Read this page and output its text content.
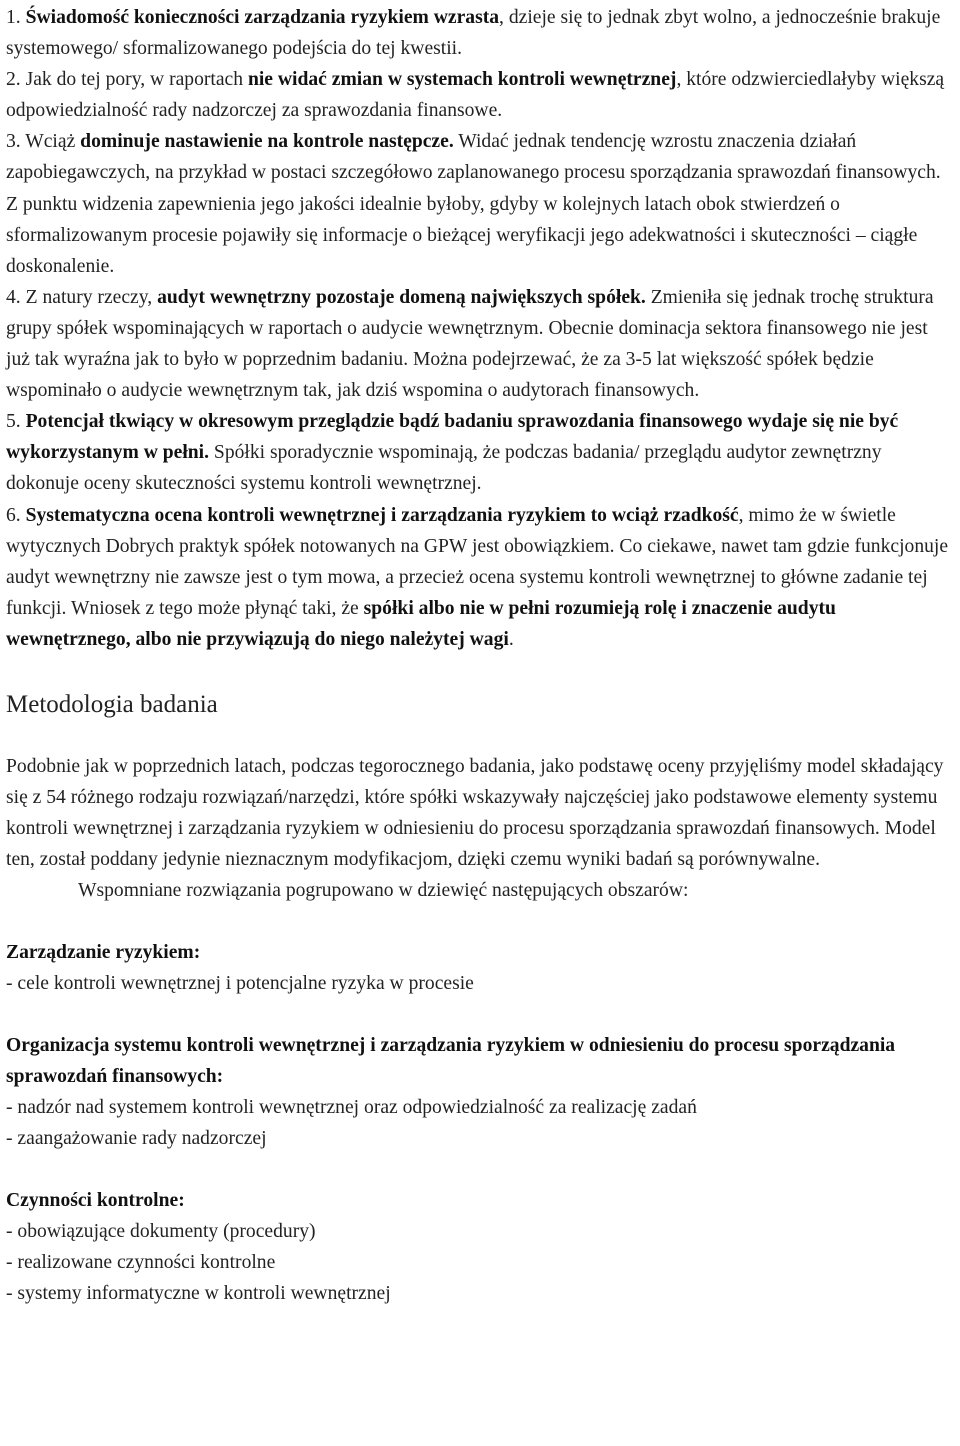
1. Świadomość konieczności zarządzania ryzykiem wzrasta, dzieje się to jednak zbyt wolno, a jednocześnie brakuje systemowego/ sformalizowanego podejścia do tej kwestii.

2. Jak do tej pory, w raportach nie widać zmian w systemach kontroli wewnętrznej, które odzwierciedlałyby większą odpowiedzialność rady nadzorczej za sprawozdania finansowe.

3. Wciąż dominuje nastawienie na kontrole następcze. Widać jednak tendencję wzrostu znaczenia działań zapobiegawczych, na przykład w postaci szczegółowo zaplanowanego procesu sporządzania sprawozdań finansowych. Z punktu widzenia zapewnienia jego jakości idealnie byłoby, gdyby w kolejnych latach obok stwierdzeń o sformalizowanym procesie pojawiły się informacje o bieżącej weryfikacji jego adekwatności i skuteczności – ciągłe doskonalenie.

4. Z natury rzeczy, audyt wewnętrzny pozostaje domeną największych spółek. Zmieniła się jednak trochę struktura grupy spółek wspominających w raportach o audycie wewnętrznym. Obecnie dominacja sektora finansowego nie jest już tak wyraźna jak to było w poprzednim badaniu. Można podejrzewać, że za 3-5 lat większość spółek będzie wspominało o audycie wewnętrznym tak, jak dziś wspomina o audytorach finansowych.

5. Potencjał tkwiący w okresowym przeglądzie bądź badaniu sprawozdania finansowego wydaje się nie być wykorzystanym w pełni. Spółki sporadycznie wspominają, że podczas badania/ przeglądu audytor zewnętrzny dokonuje oceny skuteczności systemu kontroli wewnętrznej.

6. Systematyczna ocena kontroli wewnętrznej i zarządzania ryzykiem to wciąż rzadkość, mimo że w świetle wytycznych Dobrych praktyk spółek notowanych na GPW jest obowiązkiem. Co ciekawe, nawet tam gdzie funkcjonuje audyt wewnętrzny nie zawsze jest o tym mowa, a przecież ocena systemu kontroli wewnętrznej to główne zadanie tej funkcji. Wniosek z tego może płynąć taki, że spółki albo nie w pełni rozumieją rolę i znaczenie audytu wewnętrznego, albo nie przywiązują do niego należytej wagi.

Metodologia badania

Podobnie jak w poprzednich latach, podczas tegorocznego badania, jako podstawę oceny przyjęliśmy model składający się z 54 różnego rodzaju rozwiązań/narzędzi, które spółki wskazywały najczęściej jako podstawowe elementy systemu kontroli wewnętrznej i zarządzania ryzykiem w odniesieniu do procesu sporządzania sprawozdań finansowych. Model ten, został poddany jedynie nieznacznym modyfikacjom, dzięki czemu wyniki badań są porównywalne.

Wspomniane rozwiązania pogrupowano w dziewięć następujących obszarów:

Zarządzanie ryzykiem:

- cele kontroli wewnętrznej i potencjalne ryzyka w procesie

Organizacja systemu kontroli wewnętrznej i zarządzania ryzykiem w odniesieniu do procesu sporządzania sprawozdań finansowych:

- nadzór nad systemem kontroli wewnętrznej oraz odpowiedzialność za realizację zadań

- zaangażowanie rady nadzorczej

Czynności kontrolne:

- obowiązujące dokumenty (procedury)

- realizowane czynności kontrolne

- systemy informatyczne w kontroli wewnętrznej
